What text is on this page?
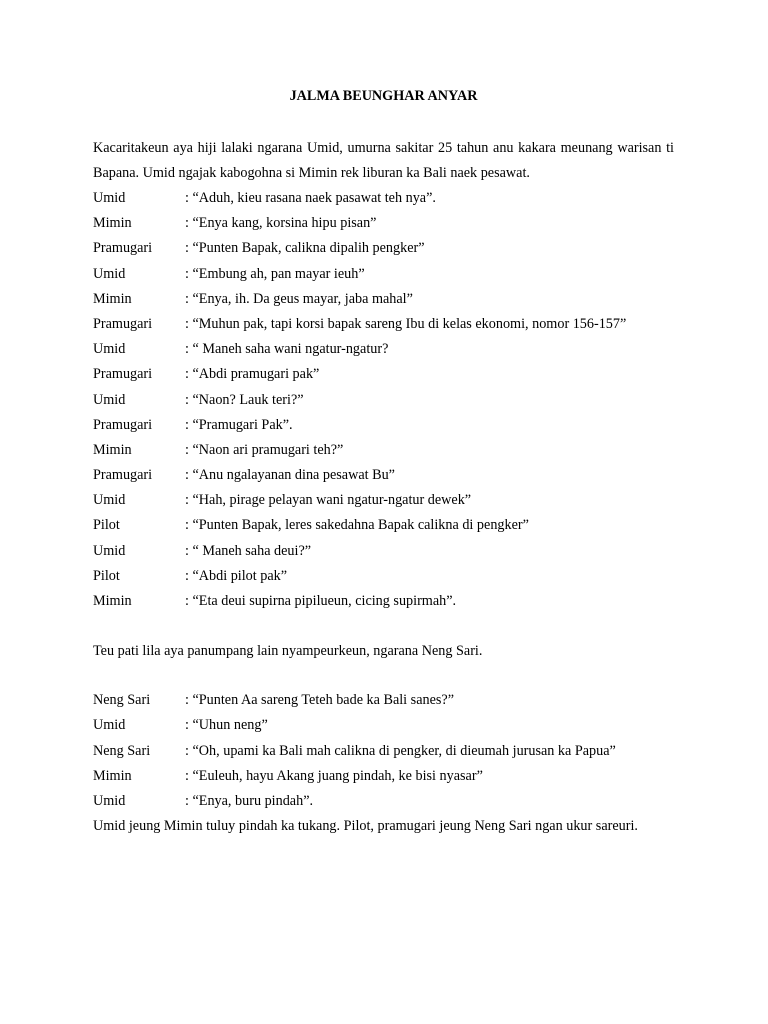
JALMA BEUNGHAR ANYAR

Kacaritakeun aya hiji lalaki ngarana Umid, umurna sakitar 25 tahun anu kakara meunang warisan ti Bapana. Umid ngajak kabogohna si Mimin rek liburan ka Bali naek pesawat.

Umid	: “Aduh, kieu rasana naek pasawat teh nya”.
Mimin	: “Enya kang, korsina hipu pisan”
Pramugari	: “Punten Bapak, calikna dipalih pengker”
Umid	: “Embung ah, pan mayar ieuh”
Mimin	: “Enya, ih. Da geus mayar, jaba mahal”
Pramugari	: “Muhun pak, tapi korsi bapak sareng Ibu di kelas ekonomi, nomor 156-157”
Umid	: “ Maneh saha wani ngatur-ngatur?
Pramugari	: “Abdi pramugari pak”
Umid	: “Naon? Lauk teri?”
Pramugari	: “Pramugari Pak”.
Mimin	: “Naon ari pramugari teh?”
Pramugari	: “Anu ngalayanan dina pesawat Bu”
Umid	: “Hah, pirage pelayan wani ngatur-ngatur dewek”
Pilot	: “Punten Bapak, leres sakedahna Bapak calikna di pengker”
Umid	: “ Maneh saha deui?”
Pilot	: “Abdi pilot pak”
Mimin	: “Eta deui supirna pipilueun, cicing supirmah”.

Teu pati lila aya panumpang lain nyampeurkeun, ngarana Neng Sari.

Neng Sari	: “Punten Aa sareng Teteh bade ka Bali sanes?”
Umid	: “Uhun neng”
Neng Sari	: “Oh, upami ka Bali mah calikna di pengker, di dieumah jurusan ka Papua”
Mimin	: “Euleuh, hayu Akang juang pindah, ke bisi nyasar”
Umid	: “Enya, buru pindah”.

Umid jeung Mimin tuluy pindah ka tukang. Pilot, pramugari jeung Neng Sari ngan ukur sareuri.
